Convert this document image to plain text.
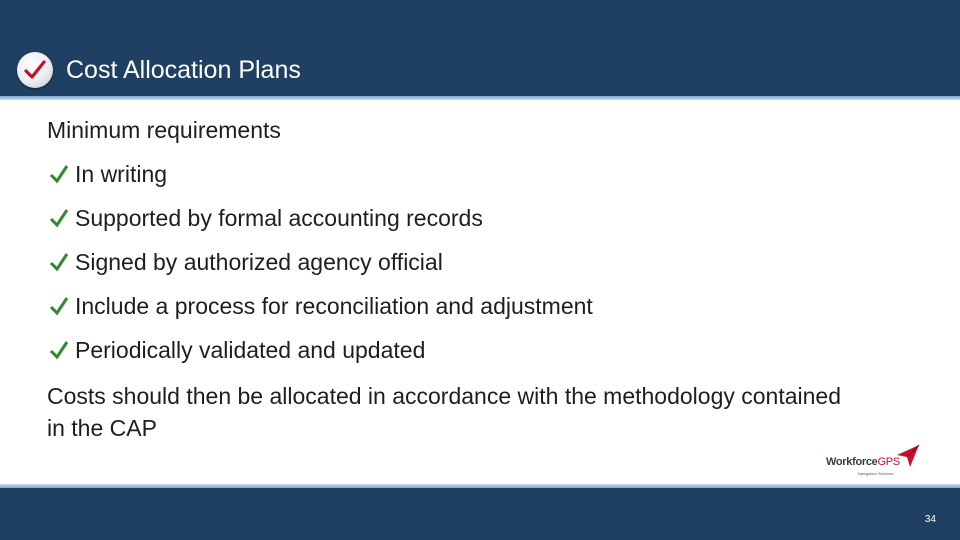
Cost Allocation Plans

Minimum requirements

In writing
Supported by formal accounting records
Signed by authorized agency official
Include a process for reconciliation and adjustment
Periodically validated and updated

Costs should then be allocated in accordance with the methodology contained in the CAP

WorkforceGPS
Navigation Services
34
